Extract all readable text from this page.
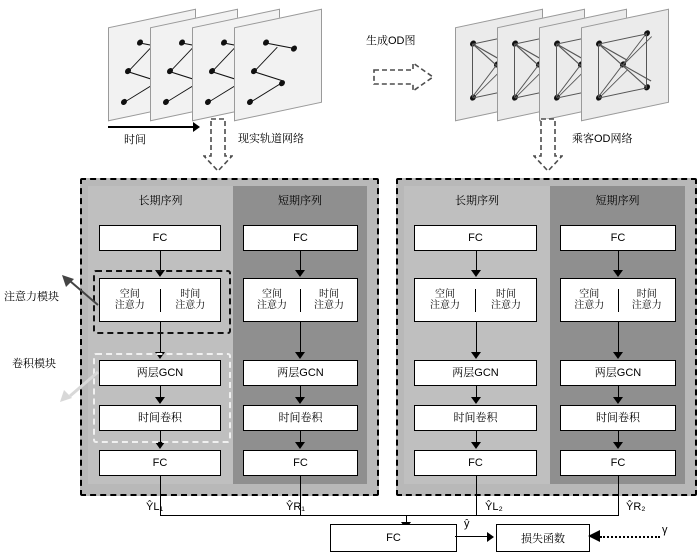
时间
生成OD图
现实轨道网络	乘客OD网络
长期序列	短期序列
FC
空间
注意力
时间
注意力
两层GCN
时间卷积
FC
FC
空间
注意力
时间
注意力
两层GCN
时间卷积
FC
长期序列	短期序列
FC
空间
注意力
时间
注意力
两层GCN
时间卷积
FC
FC
空间
注意力
时间
注意力
两层GCN
时间卷积
FC
注意力模块
卷积模块
ŶL₁	ŶR₁	ŶL₂	ŶR₂
FC
ŷ
损失函数
γ
